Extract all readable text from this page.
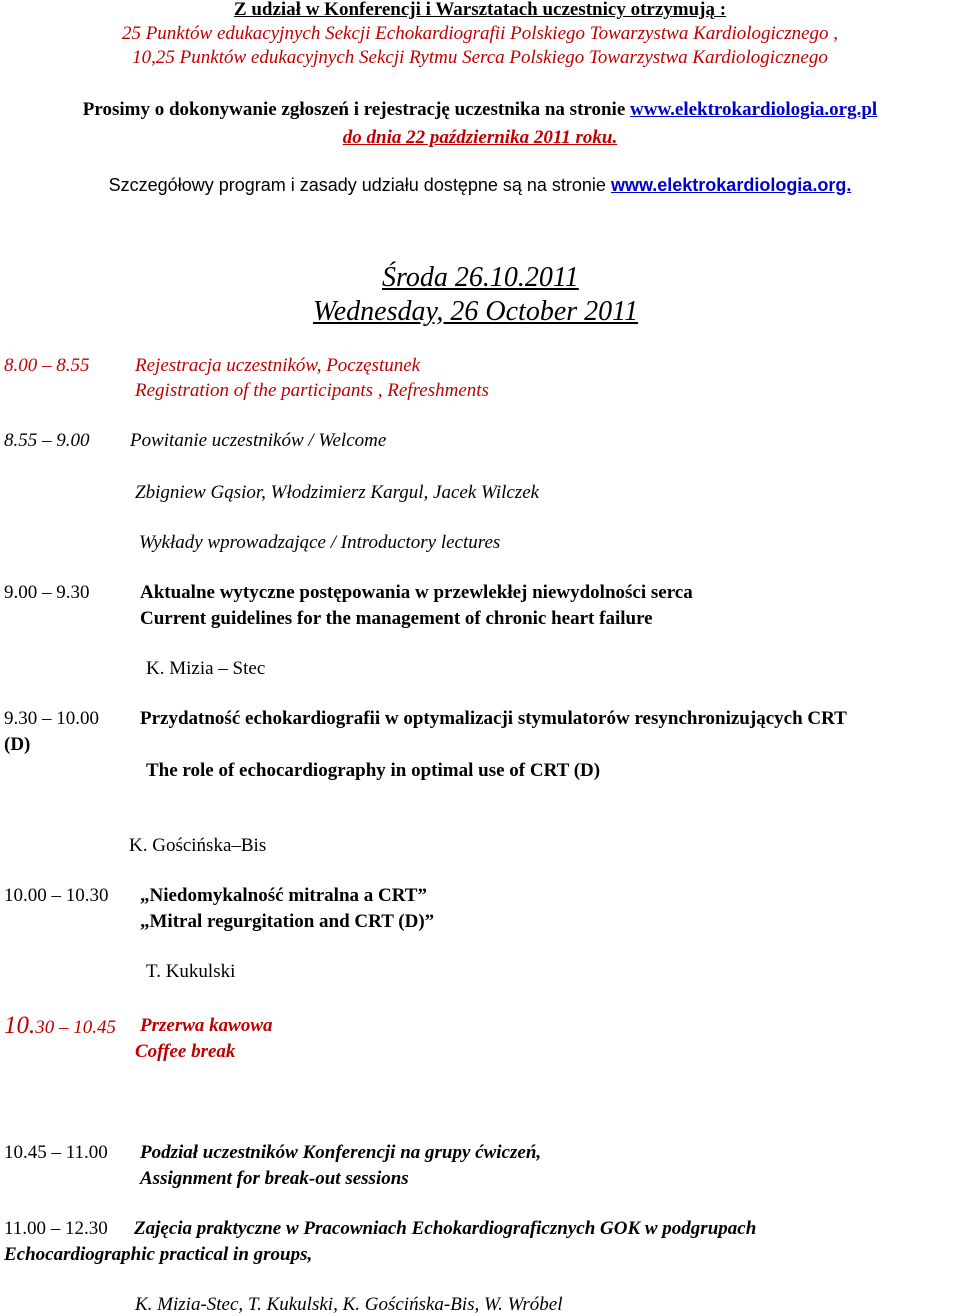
Z udział w Konferencji i Warsztatach uczestnicy otrzymują :
25 Punktów edukacyjnych Sekcji Echokardiografii Polskiego Towarzystwa Kardiologicznego ,
10,25 Punktów edukacyjnych Sekcji Rytmu Serca Polskiego Towarzystwa Kardiologicznego
Prosimy o dokonywanie zgłoszeń i rejestrację uczestnika na stronie www.elektrokardiologia.org.pl
do dnia 22 października 2011 roku.
Szczegółowy program i zasady udziału dostępne są na stronie www.elektrokardiologia.org.
Środa 26.10.2011
Wednesday, 26 October 2011
8.00 – 8.55 Rejestracja uczestników, Poczęstunek
Registration of the participants , Refreshments
8.55 – 9.00 Powitanie uczestników / Welcome
Zbigniew Gąsior, Włodzimierz Kargul, Jacek Wilczek
Wykłady wprowadzające / Introductory lectures
9.00 – 9.30	Aktualne wytyczne postępowania w przewlekłej niewydolności serca
Current guidelines for the management of chronic heart failure
K. Mizia – Stec
9.30 – 10.00 Przydatność echokardiografii w optymalizacji stymulatorów resynchronizujących CRT
(D)
The role of echocardiography in optimal use of CRT (D)
K. Gościńska–Bis
10.00 – 10.30 „Niedomykalność mitralna a CRT”
„Mitral regurgitation and CRT (D)”
T. Kukulski
10.30 – 10.45 Przerwa kawowa
Coffee break
10.45 – 11.00 Podział uczestników Konferencji na grupy ćwiczeń,
Assignment for break-out sessions
11.00 – 12.30 Zajęcia praktyczne w Pracowniach Echokardiograficznych GOK w podgrupach
Echocardiographic practical in groups,
K. Mizia-Stec, T. Kukulski, K. Gościńska-Bis, W. Wróbel
